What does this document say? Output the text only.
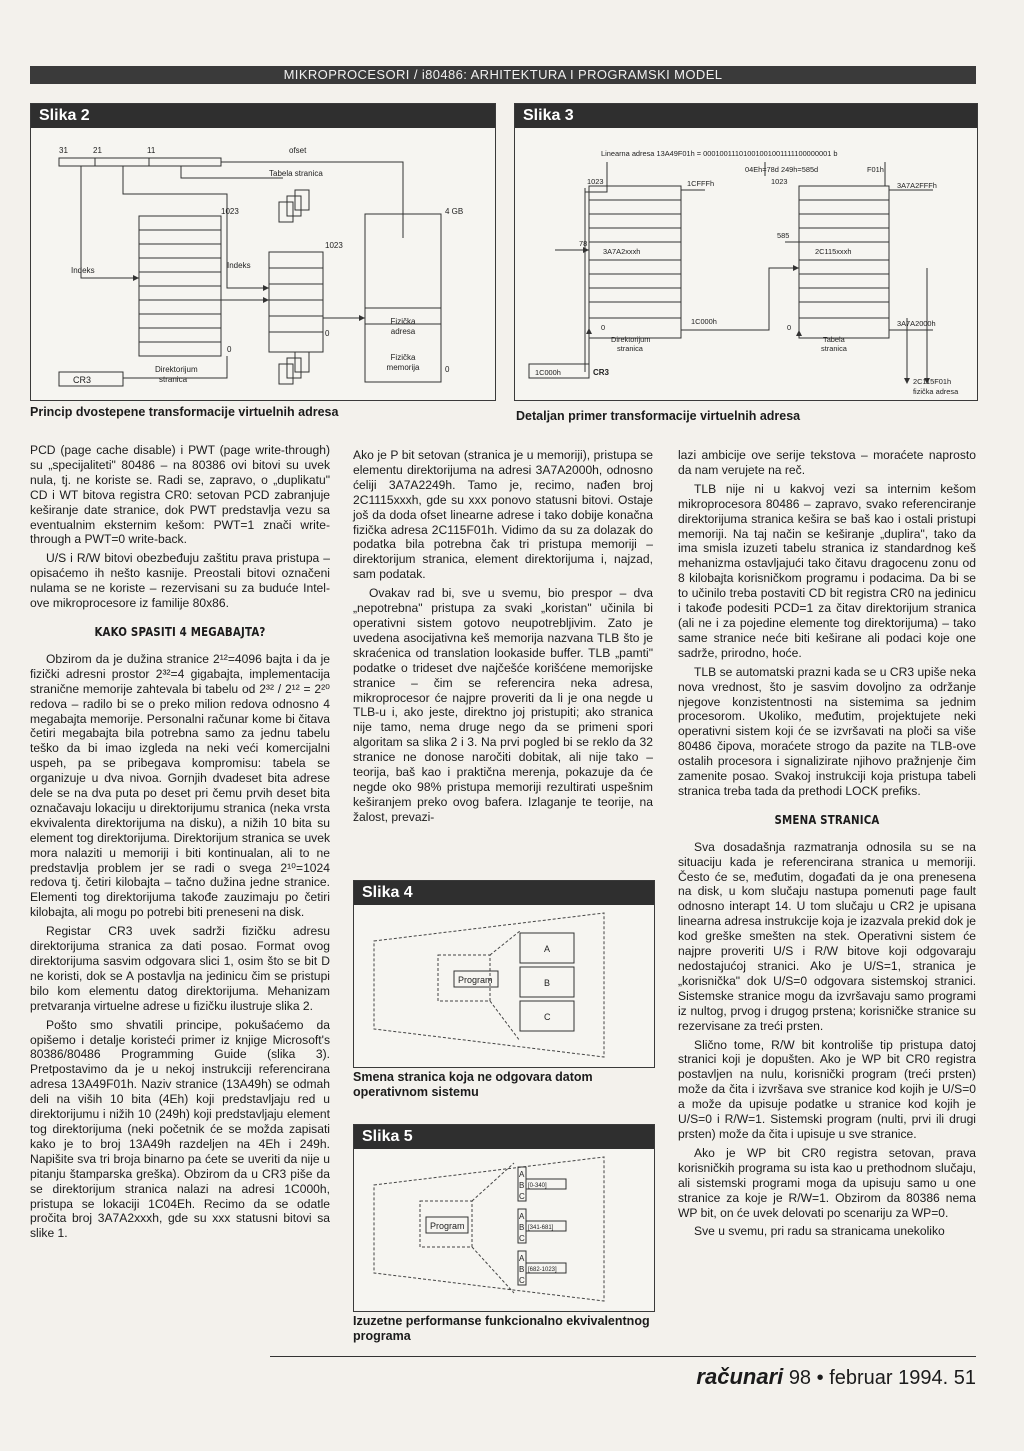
MIKROPROCESORI / i80486: ARHITEKTURA I PROGRAMSKI MODEL
Slika 2
31	21	11	ofset
Tabela stranica
1023
1023
4 GB
Indeks
Indeks
Fizička
adresa
Fizička
memorija
0
0
0
Direktorijum
stranica
CR3
Princip dvostepene transformacije virtuelnih adresa
Slika 3
Linearna adresa 13A49F01h = 00010011101001001001111100000001 b
04Eh=78d 249h=585d	F01h
1023	1023
1CFFFh	3A7A2FFFh
78
3A7A2xxxh
585
2C115xxxh
1C000h	3A7A2000h
Direktorijum
stranica
Tabela
stranica
0	0
1C000h	CR3
2C115F01h
fizička adresa
Detaljan primer transformacije virtuelnih adresa
Slika 4
Program
A
B
C
Smena stranica koja ne odgovara datom operativnom sistemu
Slika 5
Program
A
B
C
[0-340]
A
B
C
[341-681]
A
B
C
[682-1023]
Izuzetne performanse funkcionalno ekvivalentnog programa

PCD (page cache disable) i PWT (page write-through) su „specijaliteti" 80486 – na 80386 ovi bitovi su uvek nula, tj. ne koriste se. Radi se, zapravo, o „duplikatu" CD i WT bitova registra CR0: setovan PCD zabranjuje keširanje date stranice, dok PWT predstavlja vezu sa eventualnim eksternim kešom: PWT=1 znači write-through a PWT=0 write-back.

U/S i R/W bitovi obezbeđuju zaštitu prava pristupa – opisaćemo ih nešto kasnije. Preostali bitovi označeni nulama se ne koriste – rezervisani su za buduće Intel-ove mikroprocesore iz familije 80x86.

KAKO SPASITI 4 MEGABAJTA?

Obzirom da je dužina stranice 2¹²=4096 bajta i da je fizički adresni prostor 2³²=4 gigabajta, implementacija straničnе memorije zahtevala bi tabelu od 2³² / 2¹² = 2²⁰ redova – radilo bi se o preko milion redova odnosno 4 megabajta memorije. Personalni računar kome bi čitava četiri megabajta bila potrebna samo za jednu tabelu teško da bi imao izgleda na neki veći komercijalni uspeh, pa se pribegava kompromisu: tabela se organizuje u dva nivoa. Gornjih dvadeset bita adrese dele se na dva puta po deset pri čemu prvih deset bita označavaju lokaciju u direktorijumu stranica (neka vrsta ekvivalenta direktorijuma na disku), a nižih 10 bita su element tog direktorijuma. Direktorijum stranica se uvek mora nalaziti u memoriji i biti kontinualan, ali to ne predstavlja problem jer se radi o svega 2¹⁰=1024 redova tj. četiri kilobajta – tačno dužina jedne stranice. Elementi tog direktorijuma takođe zauzimaju po četiri kilobajta, ali mogu po potrebi biti preneseni na disk.

Registar CR3 uvek sadrži fizičku adresu direktorijuma stranica za dati posao. Format ovog direktorijuma sasvim odgovara slici 1, osim što se bit D ne koristi, dok se A postavlja na jedinicu čim se pristupi bilo kom elementu datog direktorijuma. Mehanizam pretvaranja virtuelne adrese u fizičku ilustruje slika 2.

Pošto smo shvatili principe, pokušaćemo da opišemo i detalje koristeći primer iz knjige Microsoft's 80386/80486 Programming Guide (slika 3). Pretpostavimo da je u nekoj instrukciji referencirana adresa 13A49F01h. Naziv stranice (13A49h) se odmah deli na višіh 10 bita (4Eh) koji predstavljaju red u direktorijumu i nižih 10 (249h) koji predstavljaju element tog direktorijuma (neki početnik će se možda zapisati kako je to broj 13A49h razdeljen na 4Eh i 249h. Napišite sva tri broja binarno pa ćete se uveriti da nije u pitanju štamparska greška). Obzirom da u CR3 piše da se direktorijum stranica nalazi na adresi 1C000h, pristupa se lokaciji 1C04Eh. Recimo da se odatle pročita broj 3A7A2xxxh, gde su xxx statusni bitovi sa slike 1.

Ako je P bit setovan (stranica je u memoriji), pristupa se elementu direktorijuma na adresi 3A7A2000h, odnosno ćeliji 3A7A2249h. Tamo je, recimo, nađen broj 2C1115xxxh, gde su xxx ponovo statusni bitovi. Ostaje još da doda ofset linearne adrese i tako dobije konačna fizička adresa 2C115F01h. Vidimo da su za dolazak do podatka bila potrebna čak tri pristupa memoriji – direktorijum stranica, element direktorijuma i, najzad, sam podatak.

Ovakav rad bi, sve u svemu, bio prespor – dva „nepotrebna" pristupa za svaki „koristan" učinila bi operativni sistem gotovo neupotrebljivim. Zato je uvedena asocijativna keš memorija nazvana TLB što je skraćenica od translation lookaside buffer. TLB „pamti" podatke o trideset dve najčešće korišćene memorijske stranice – čim se referencira neka adresa, mikroprocesor će najpre proveriti da li je ona negde u TLB-u i, ako jeste, direktno joj pristupiti; ako stranica nije tamo, nema druge nego da se primeni spori algoritam sa slika 2 i 3. Na prvi pogled bi se reklo da 32 stranice ne donose naročiti dobitak, ali nije tako – teorija, baš kao i praktična merenja, pokazuje da će negde oko 98% pristupa memoriji rezultirati uspešnim keširanjem preko ovog bafera. Izlaganje te teorije, na žalost, prevazi-

lazi ambicije ove serije tekstova – moraćete naprosto da nam verujete na reč.

TLB nije ni u kakvoj vezi sa internim kešom mikroprocesora 80486 – zapravo, svako referenciranje direktorijuma stranica kešira se baš kao i ostali pristupi memoriji. Na taj način se keširanje „duplira", tako da ima smisla izuzeti tabelu stranica iz standardnog keš mehanizma ostavljajući tako čitavu dragocenu zonu od 8 kilobajta korisničkom programu i podacima. Da bi se to učinilo treba postaviti CD bit registra CR0 na jedinicu i takođe podesiti PCD=1 za čitav direktorijum stranica (ali ne i za pojedine elemente tog direktorijuma) – tako same stranice neće biti keširane ali podaci koje one sadrže, prirodno, hoće.

TLB se automatski prazni kada se u CR3 upiše neka nova vrednost, što je sasvim dovoljno za održanje njegove konzistentnosti na sistemima sa jednim procesorom. Ukoliko, međutim, projektujete neki operativni sistem koji će se izvršavati na ploči sa više 80486 čipova, moraćete strogo da pazite na TLB-ove ostalih procesora i signalizirate njihovo pražnjenje čim zamenite posao. Svakoj instrukciji koja pristupa tabeli stranica treba tada da prethodi LOCK prefiks.

SMENA STRANICA

Sva dosadašnja razmatranja odnosila su se na situaciju kada je referencirana stranica u memoriji. Često će se, međutim, događati da je ona prenesena na disk, u kom slučaju nastupa pomenuti page fault odnosno interapt 14. U tom slučaju u CR2 je upisana linearna adresa instrukcije koja je izazvala prekid dok je kod greške smešten na stek. Operativni sistem će najpre proveriti U/S i R/W bitove koji odgovaraju nedostajućoj stranici. Ako je U/S=1, stranica je „korisnička" dok U/S=0 odgovara sistemskoj stranici. Sistemske stranice mogu da izvršavaju samo programi iz nultog, prvog i drugog prstena; korisničke stranice su rezervisane za treći prsten.

Slično tome, R/W bit kontroliše tip pristupa datoj stranici koji je dopušten. Ako je WP bit CR0 registra postavljen na nulu, korisnički program (treći prsten) može da čita i izvršava sve stranice kod kojih je U/S=0 a može da upisuje podatke u stranice kod kojih je U/S=0 i R/W=1. Sistemski program (nulti, prvi ili drugi prsten) može da čita i upisuje u sve stranice.

Ako je WP bit CR0 registra setovan, prava korisničkih programa su ista kao u prethodnom slučaju, ali sistemski programi moga da upisuju samo u one stranice za koje je R/W=1. Obzirom da 80386 nema WP bit, on će uvek delovati po scenariju za WP=0.

Sve u svemu, pri radu sa stranicama unekoliko

računari 98 • februar 1994. 51
